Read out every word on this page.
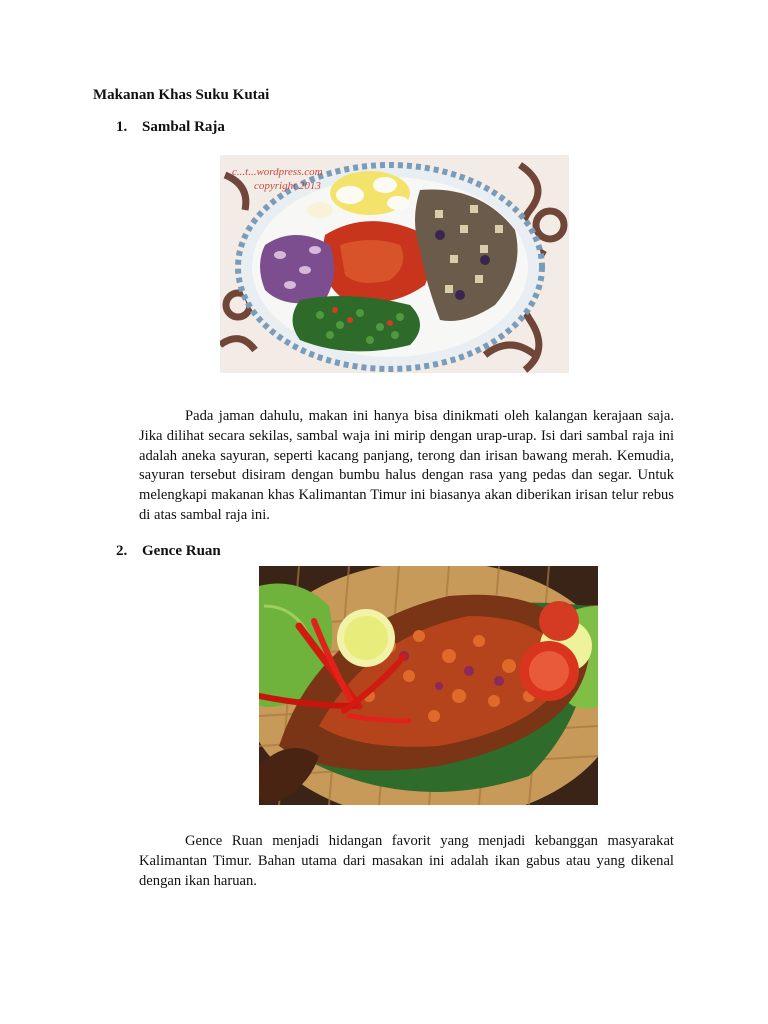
Makanan Khas Suku Kutai
1. Sambal Raja
c...t...wordpress.com
copyright 2013
Pada jaman dahulu, makan ini hanya bisa dinikmati oleh kalangan kerajaan saja. Jika dilihat secara sekilas, sambal waja ini mirip dengan urap-urap. Isi dari sambal raja ini adalah aneka sayuran, seperti kacang panjang, terong dan irisan bawang merah. Kemudia, sayuran tersebut disiram dengan bumbu halus dengan rasa yang pedas dan segar. Untuk melengkapi makanan khas Kalimantan Timur ini biasanya akan diberikan irisan telur rebus di atas sambal raja ini.
2. Gence Ruan
Gence Ruan menjadi hidangan favorit yang menjadi kebanggan masyarakat Kalimantan Timur. Bahan utama dari masakan ini adalah ikan gabus atau yang dikenal dengan ikan haruan.
